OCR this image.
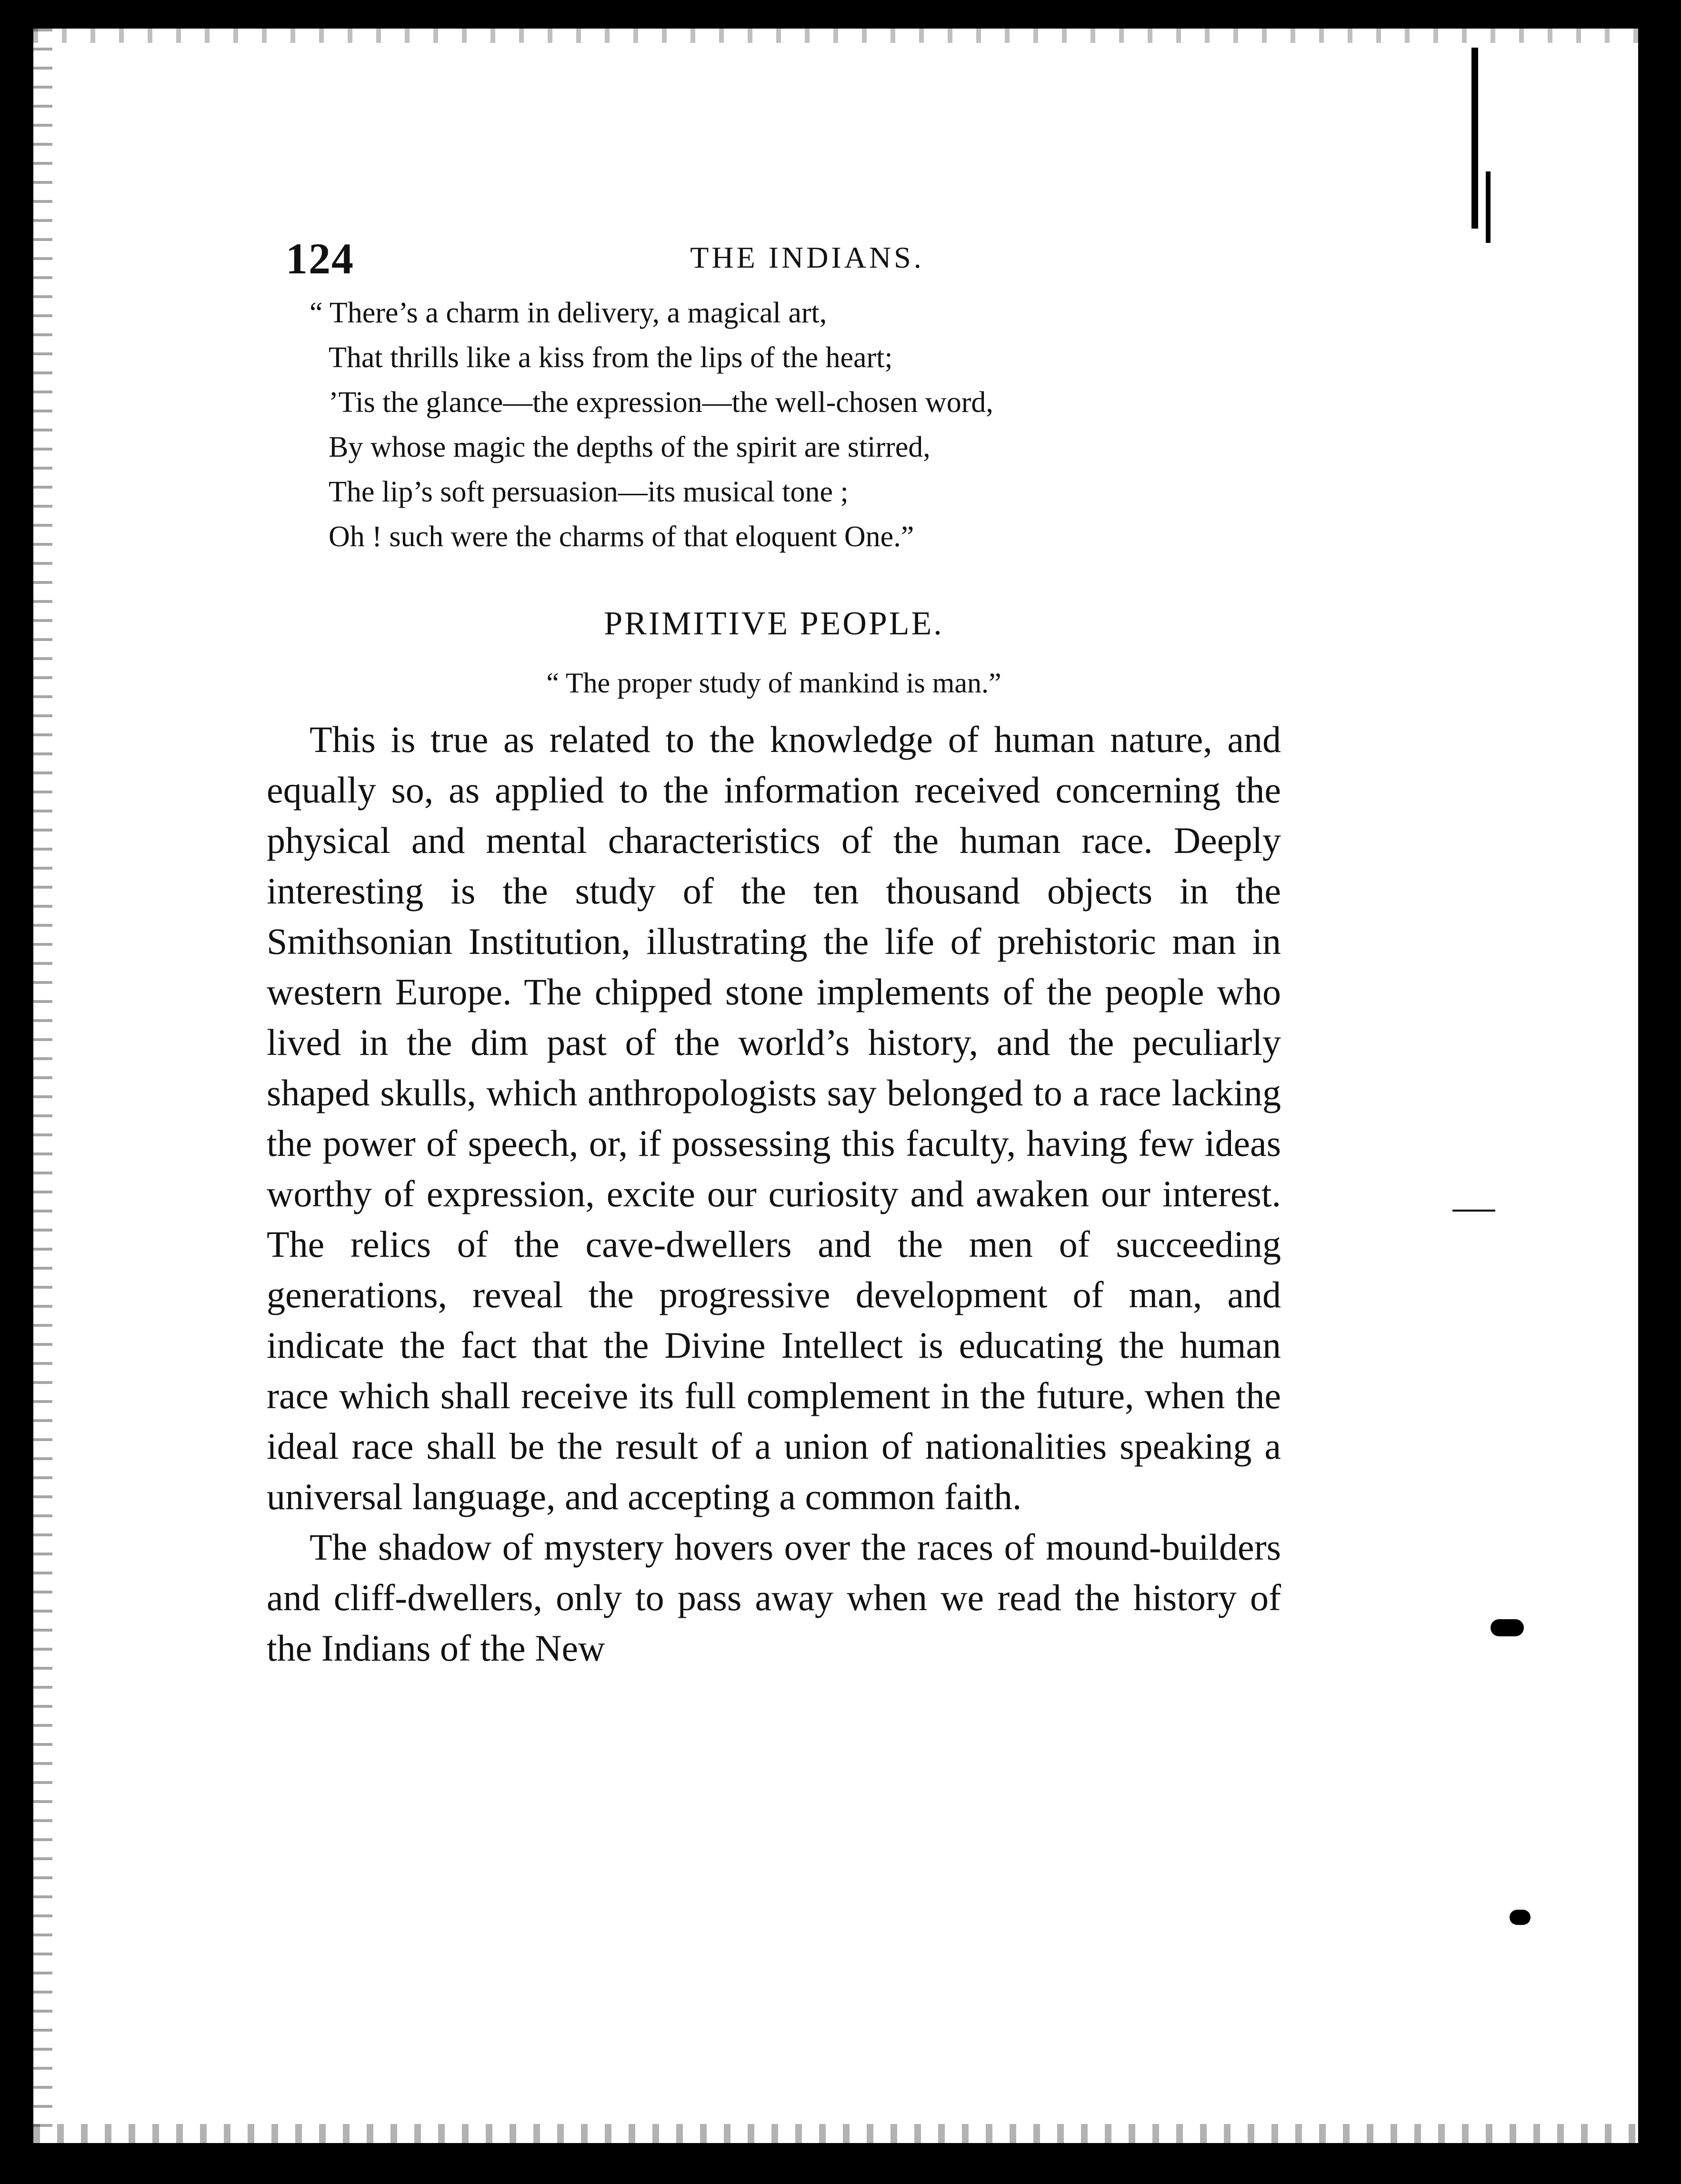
124	THE INDIANS.
“ There’s a charm in delivery, a magical art,
That thrills like a kiss from the lips of the heart;
’Tis the glance—the expression—the well-chosen word,
By whose magic the depths of the spirit are stirred,
The lip’s soft persuasion—its musical tone ;
Oh ! such were the charms of that eloquent One.”
PRIMITIVE PEOPLE.
“ The proper study of mankind is man.”

This is true as related to the knowledge of human nature, and equally so, as applied to the information received concerning the physical and mental characteristics of the human race. Deeply interesting is the study of the ten thousand objects in the Smithsonian Institution, illustrating the life of prehistoric man in western Europe. The chipped stone implements of the people who lived in the dim past of the world’s history, and the peculiarly shaped skulls, which anthropologists say belonged to a race lacking the power of speech, or, if possessing this faculty, having few ideas worthy of expression, excite our curiosity and awaken our interest. The relics of the cave-dwellers and the men of succeeding generations, reveal the progressive development of man, and indicate the fact that the Divine Intellect is educating the human race which shall receive its full complement in the future, when the ideal race shall be the result of a union of nationalities speaking a universal language, and accepting a common faith.

The shadow of mystery hovers over the races of mound-builders and cliff-dwellers, only to pass away when we read the history of the Indians of the New
